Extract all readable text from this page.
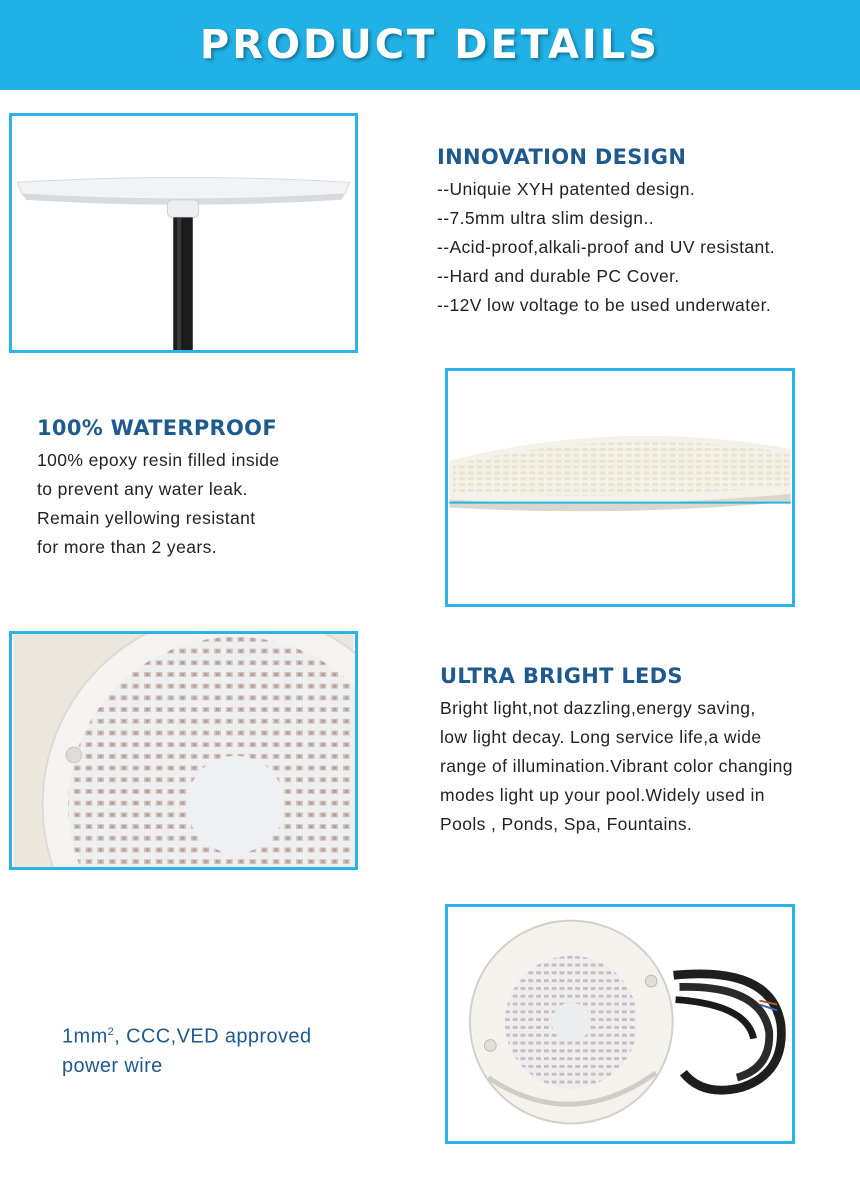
PRODUCT DETAILS
INNOVATION DESIGN

--Uniquie XYH patented design.

--7.5mm ultra slim design..

--Acid-proof,alkali-proof and UV resistant.

--Hard and durable PC Cover.

--12V low voltage to be used underwater.

100% WATERPROOF

100% epoxy resin filled inside

to prevent any water leak.

Remain yellowing resistant

for more than 2 years.

ULTRA BRIGHT LEDS

Bright light,not dazzling,energy saving,

low light decay. Long service life,a wide

range of illumination.Vibrant color changing

modes light up your pool.Widely used in

Pools , Ponds, Spa, Fountains.

$1mm^2$, CCC,VED approved

power wire
